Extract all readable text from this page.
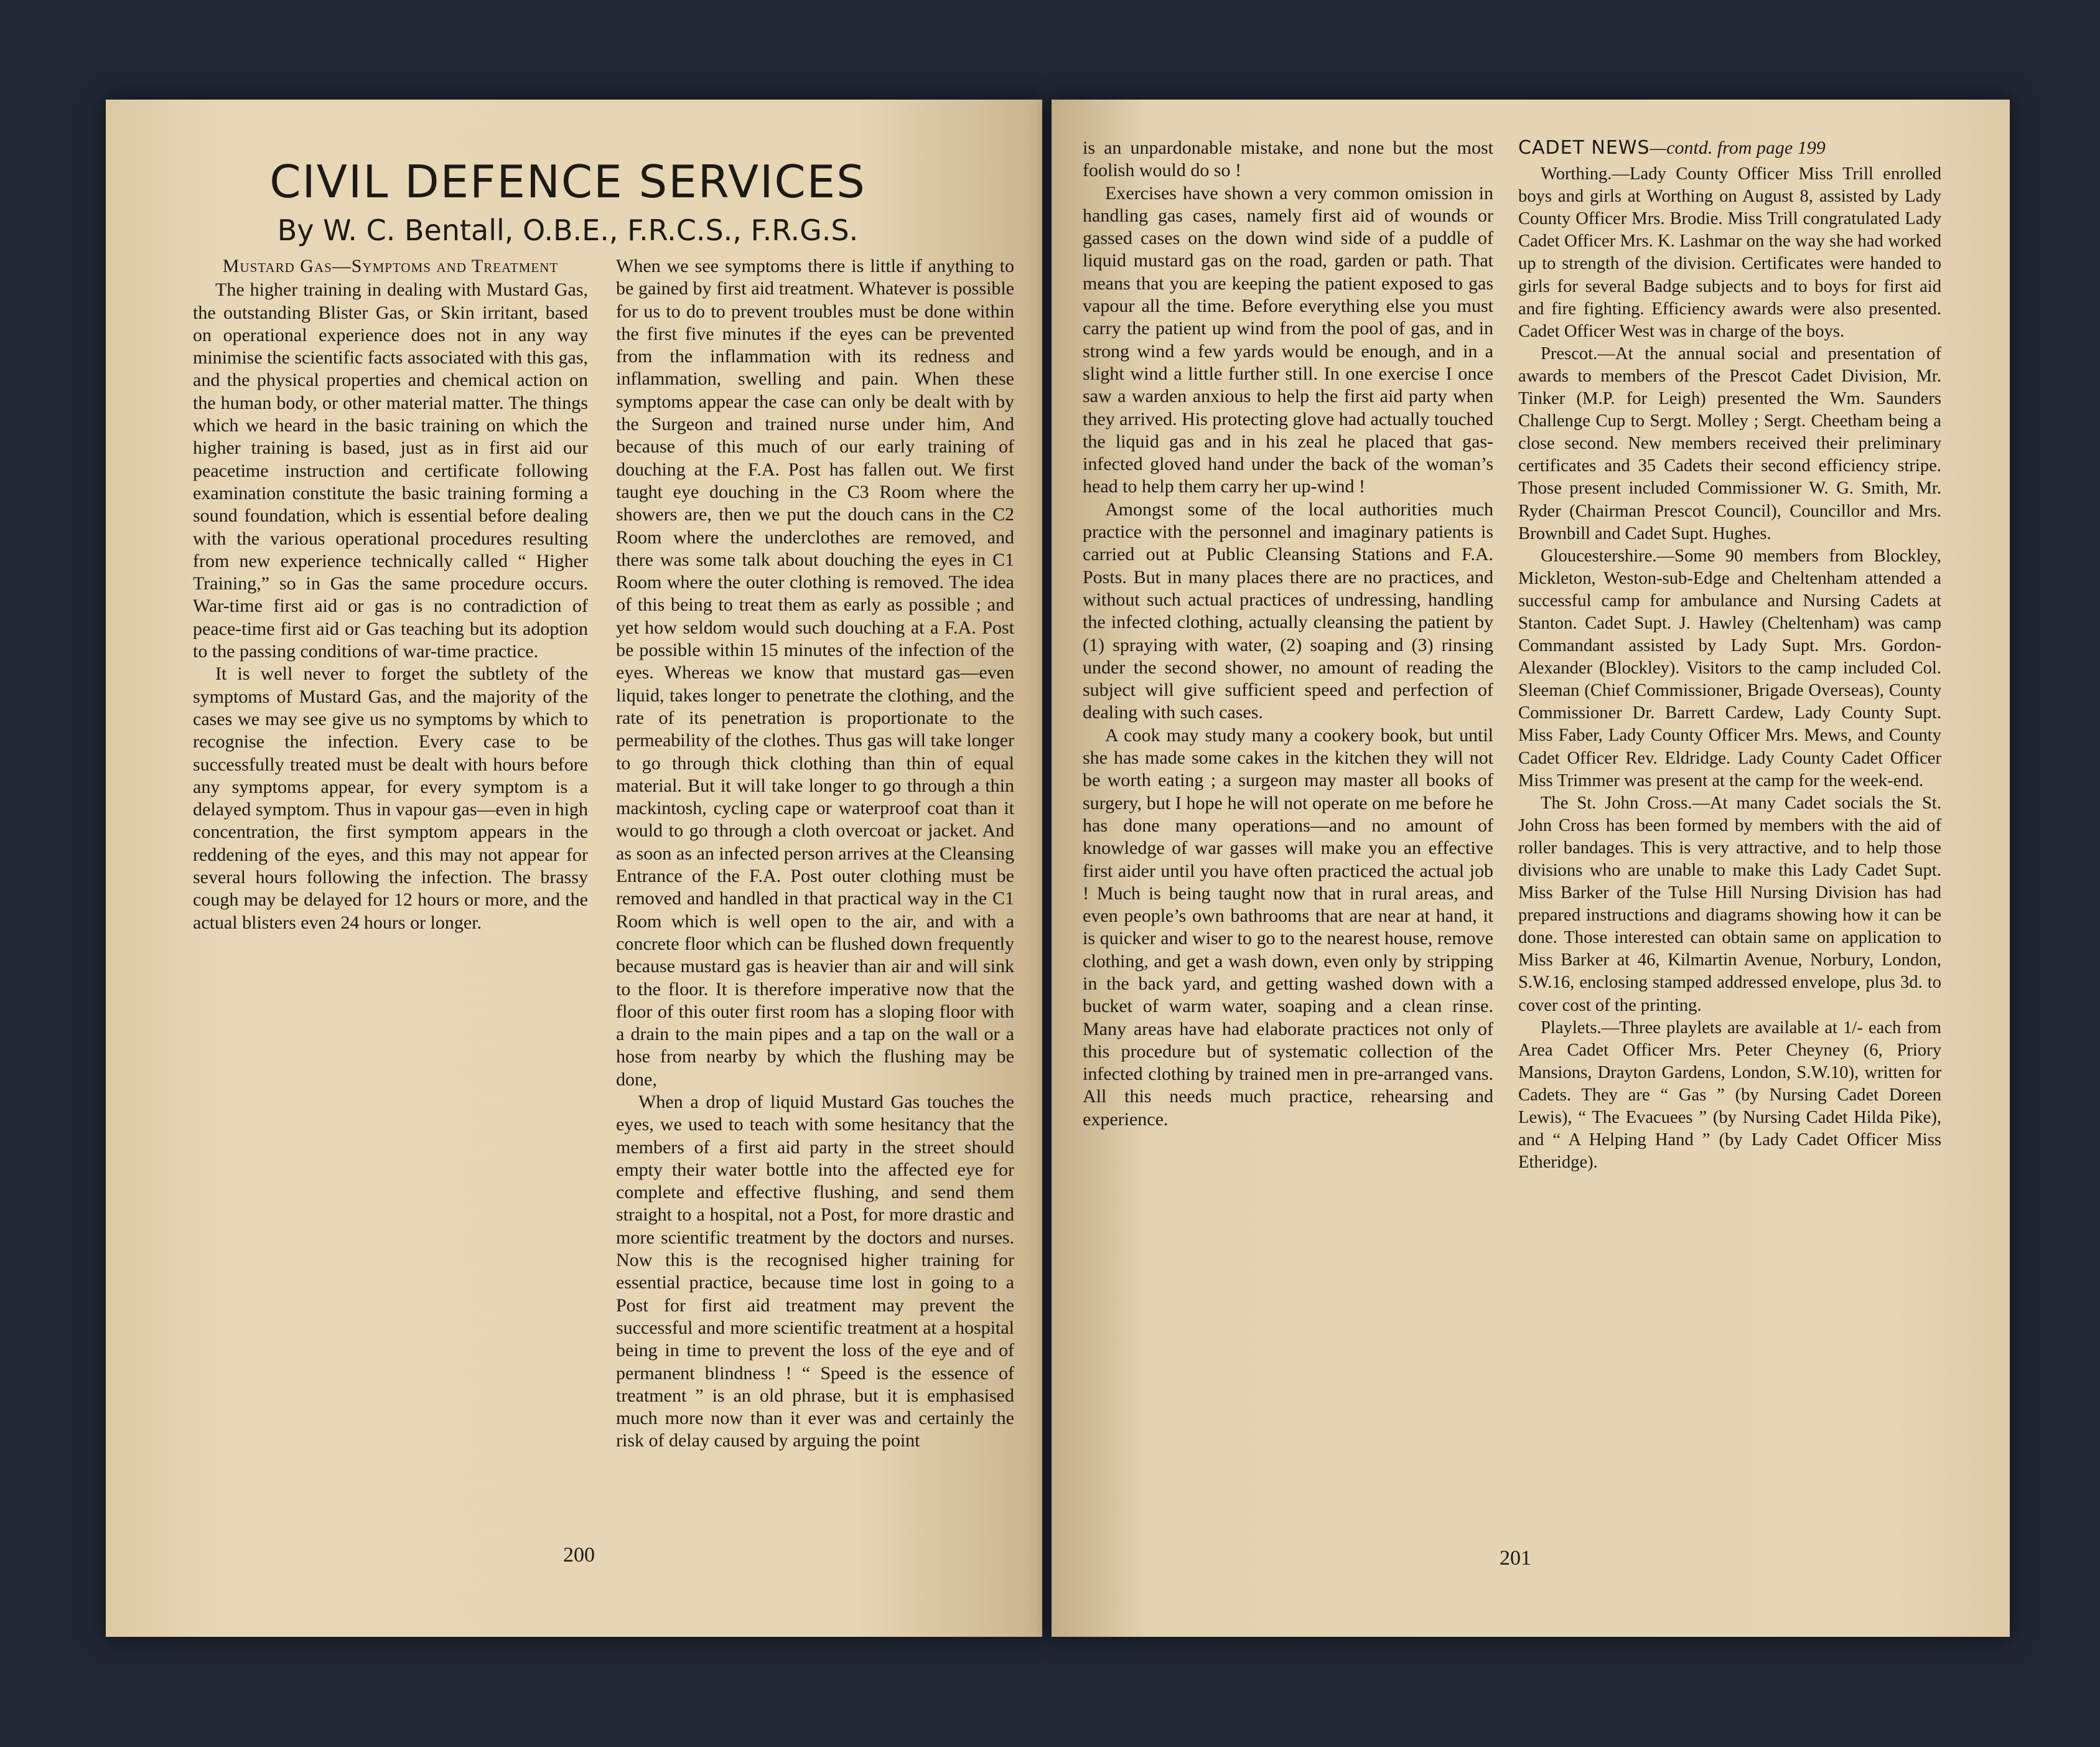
CIVIL DEFENCE SERVICES
By W. C. Bentall, O.B.E., F.R.C.S., F.R.G.S.
Mustard Gas—Symptoms and Treatment

The higher training in dealing with Mustard Gas, the outstanding Blister Gas, or Skin irritant, based on operational experience does not in any way minimise the scientific facts associated with this gas, and the physical properties and chemical action on the human body, or other material matter. The things which we heard in the basic training on which the higher training is based, just as in first aid our peacetime instruction and certificate following examination constitute the basic training forming a sound foundation, which is essential before dealing with the various operational procedures resulting from new experience technically called “ Higher Training,” so in Gas the same procedure occurs. War-time first aid or gas is no contradiction of peace-time first aid or Gas teaching but its adoption to the passing conditions of war-time practice.

It is well never to forget the subtlety of the symptoms of Mustard Gas, and the majority of the cases we may see give us no symptoms by which to recognise the infection. Every case to be successfully treated must be dealt with hours before any symptoms appear, for every symptom is a delayed symptom. Thus in vapour gas—even in high concentration, the first symptom appears in the reddening of the eyes, and this may not appear for several hours following the infection. The brassy cough may be delayed for 12 hours or more, and the actual blisters even 24 hours or longer.

When we see symptoms there is little if anything to be gained by first aid treatment. Whatever is possible for us to do to prevent troubles must be done within the first five minutes if the eyes can be prevented from the inflammation with its redness and inflammation, swelling and pain. When these symptoms appear the case can only be dealt with by the Surgeon and trained nurse under him, And because of this much of our early training of douching at the F.A. Post has fallen out. We first taught eye douching in the C3 Room where the showers are, then we put the douch cans in the C2 Room where the underclothes are removed, and there was some talk about douching the eyes in C1 Room where the outer clothing is removed. The idea of this being to treat them as early as possible ; and yet how seldom would such douching at a F.A. Post be possible within 15 minutes of the infection of the eyes. Whereas we know that mustard gas—even liquid, takes longer to penetrate the clothing, and the rate of its penetration is proportionate to the permeability of the clothes. Thus gas will take longer to go through thick clothing than thin of equal material. But it will take longer to go through a thin mackintosh, cycling cape or waterproof coat than it would to go through a cloth overcoat or jacket. And as soon as an infected person arrives at the Cleansing Entrance of the F.A. Post outer clothing must be removed and handled in that practical way in the C1 Room which is well open to the air, and with a concrete floor which can be flushed down frequently because mustard gas is heavier than air and will sink to the floor. It is therefore imperative now that the floor of this outer first room has a sloping floor with a drain to the main pipes and a tap on the wall or a hose from nearby by which the flushing may be done,

When a drop of liquid Mustard Gas touches the eyes, we used to teach with some hesitancy that the members of a first aid party in the street should empty their water bottle into the affected eye for complete and effective flushing, and send them straight to a hospital, not a Post, for more drastic and more scientific treatment by the doctors and nurses. Now this is the recognised higher training for essential practice, because time lost in going to a Post for first aid treatment may prevent the successful and more scientific treatment at a hospital being in time to prevent the loss of the eye and of permanent blindness ! “ Speed is the essence of treatment ” is an old phrase, but it is emphasised much more now than it ever was and certainly the risk of delay caused by arguing the point

200

is an unpardonable mistake, and none but the most foolish would do so !

Exercises have shown a very common omission in handling gas cases, namely first aid of wounds or gassed cases on the down wind side of a puddle of liquid mustard gas on the road, garden or path. That means that you are keeping the patient exposed to gas vapour all the time. Before everything else you must carry the patient up wind from the pool of gas, and in strong wind a few yards would be enough, and in a slight wind a little further still. In one exercise I once saw a warden anxious to help the first aid party when they arrived. His protecting glove had actually touched the liquid gas and in his zeal he placed that gas-infected gloved hand under the back of the woman’s head to help them carry her up-wind !

Amongst some of the local authorities much practice with the personnel and imaginary patients is carried out at Public Cleansing Stations and F.A. Posts. But in many places there are no practices, and without such actual practices of undressing, handling the infected clothing, actually cleansing the patient by (1) spraying with water, (2) soaping and (3) rinsing under the second shower, no amount of reading the subject will give sufficient speed and perfection of dealing with such cases.

A cook may study many a cookery book, but until she has made some cakes in the kitchen they will not be worth eating ; a surgeon may master all books of surgery, but I hope he will not operate on me before he has done many operations—and no amount of knowledge of war gasses will make you an effective first aider until you have often practiced the actual job ! Much is being taught now that in rural areas, and even people’s own bathrooms that are near at hand, it is quicker and wiser to go to the nearest house, remove clothing, and get a wash down, even only by stripping in the back yard, and getting washed down with a bucket of warm water, soaping and a clean rinse. Many areas have had elaborate practices not only of this procedure but of systematic collection of the infected clothing by trained men in pre-arranged vans. All this needs much practice, rehearsing and experience.

CADET NEWS—contd. from page 199

Worthing.—Lady County Officer Miss Trill enrolled boys and girls at Worthing on August 8, assisted by Lady County Officer Mrs. Brodie. Miss Trill congratulated Lady Cadet Officer Mrs. K. Lashmar on the way she had worked up to strength of the division. Certificates were handed to girls for several Badge subjects and to boys for first aid and fire fighting. Efficiency awards were also presented. Cadet Officer West was in charge of the boys.

Prescot.—At the annual social and presentation of awards to members of the Prescot Cadet Division, Mr. Tinker (M.P. for Leigh) presented the Wm. Saunders Challenge Cup to Sergt. Molley ; Sergt. Cheetham being a close second. New members received their preliminary certificates and 35 Cadets their second efficiency stripe. Those present included Commissioner W. G. Smith, Mr. Ryder (Chairman Prescot Council), Councillor and Mrs. Brownbill and Cadet Supt. Hughes.

Gloucestershire.—Some 90 members from Blockley, Mickleton, Weston-sub-Edge and Cheltenham attended a successful camp for ambulance and Nursing Cadets at Stanton. Cadet Supt. J. Hawley (Cheltenham) was camp Commandant assisted by Lady Supt. Mrs. Gordon-Alexander (Blockley). Visitors to the camp included Col. Sleeman (Chief Commissioner, Brigade Overseas), County Commissioner Dr. Barrett Cardew, Lady County Supt. Miss Faber, Lady County Officer Mrs. Mews, and County Cadet Officer Rev. Eldridge. Lady County Cadet Officer Miss Trimmer was present at the camp for the week-end.

The St. John Cross.—At many Cadet socials the St. John Cross has been formed by members with the aid of roller bandages. This is very attractive, and to help those divisions who are unable to make this Lady Cadet Supt. Miss Barker of the Tulse Hill Nursing Division has had prepared instructions and diagrams showing how it can be done. Those interested can obtain same on application to Miss Barker at 46, Kilmartin Avenue, Norbury, London, S.W.16, enclosing stamped addressed envelope, plus 3d. to cover cost of the printing.

Playlets.—Three playlets are available at 1/- each from Area Cadet Officer Mrs. Peter Cheyney (6, Priory Mansions, Drayton Gardens, London, S.W.10), written for Cadets. They are “ Gas ” (by Nursing Cadet Doreen Lewis), “ The Evacuees ” (by Nursing Cadet Hilda Pike), and “ A Helping Hand ” (by Lady Cadet Officer Miss Etheridge).

201
